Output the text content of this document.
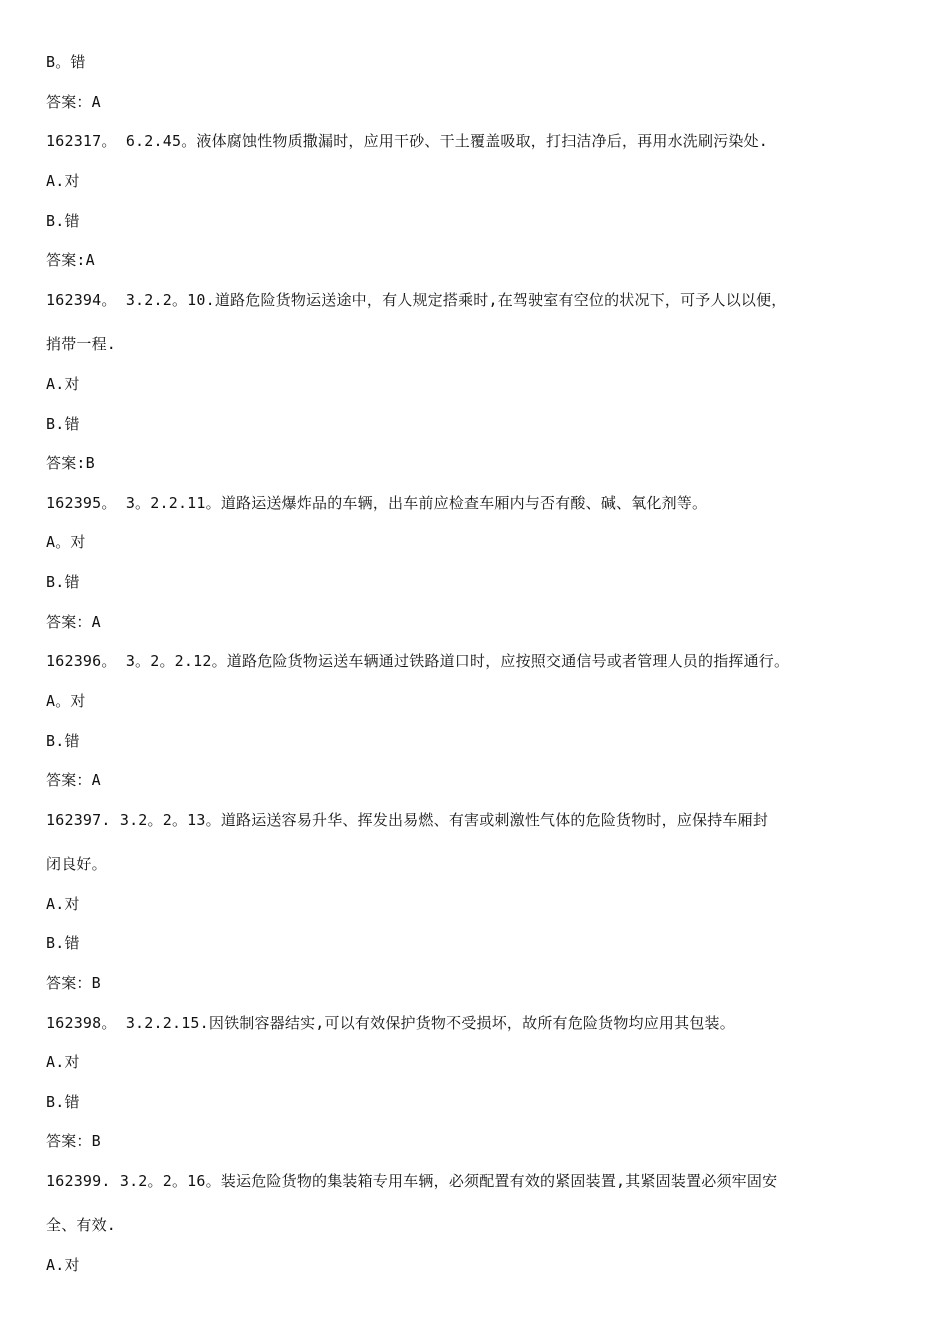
B。错
答案：A
162317。 6.2.45。液体腐蚀性物质撒漏时，应用干砂、干土覆盖吸取，打扫洁净后，再用水洗刷污染处.
A.对
B.错
答案:A
162394。 3.2.2。10.道路危险货物运送途中，有人规定搭乘时,在驾驶室有空位的状况下，可予人以以便，
捎带一程.
A.对
B.错
答案:B
162395。 3。2.2.11。道路运送爆炸品的车辆，出车前应检查车厢内与否有酸、碱、氧化剂等。
A。对
B.错
答案：A
162396。 3。2。2.12。道路危险货物运送车辆通过铁路道口时，应按照交通信号或者管理人员的指挥通行。
A。对
B.错
答案：A
162397. 3.2。2。13。道路运送容易升华、挥发出易燃、有害或刺激性气体的危险货物时，应保持车厢封
闭良好。
A.对
B.错
答案：B
162398。 3.2.2.15.因铁制容器结实,可以有效保护货物不受损坏，故所有危险货物均应用其包装。
A.对
B.错
答案：B
162399. 3.2。2。16。装运危险货物的集装箱专用车辆，必须配置有效的紧固装置,其紧固装置必须牢固安
全、有效.
A.对
